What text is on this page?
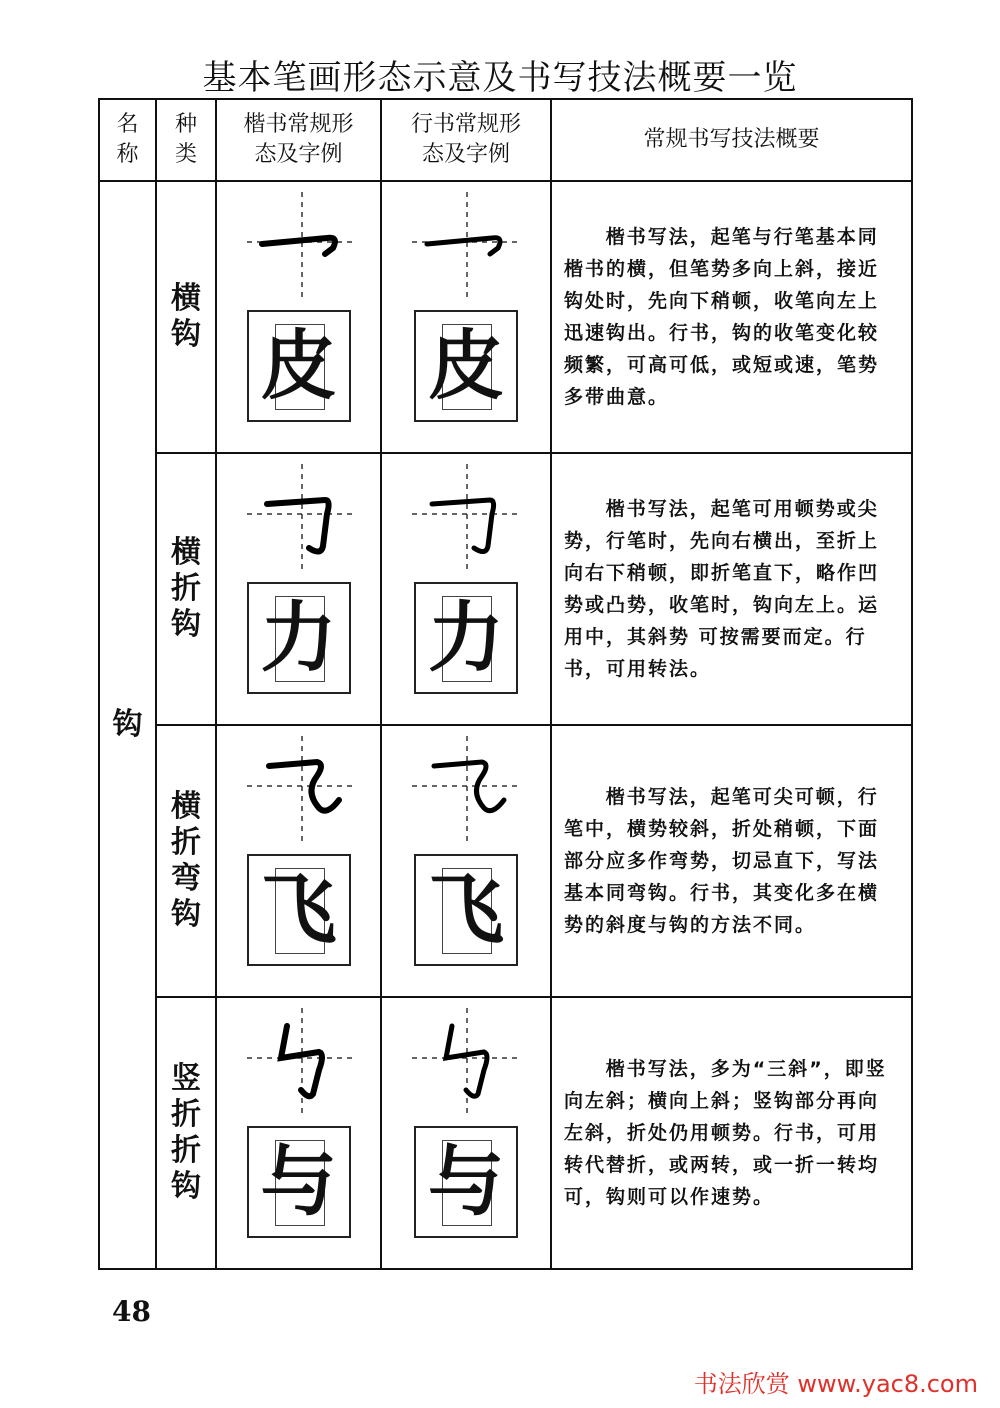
基本笔画形态示意及书写技法概要一览
名称	种类	楷书常规形态及字例	行书常规形态及字例	常规书写技法概要

钩	横钩	皮	皮	楷书写法，起笔与行笔基本同楷书的横，但笔势多向上斜，接近钩处时，先向下稍顿，收笔向左上迅速钩出。行书，钩的收笔变化较频繁，可高可低，或短或速，笔势多带曲意。

	横折钩	力	力	楷书写法，起笔可用顿势或尖势，行笔时，先向右横出，至折上向右下稍顿，即折笔直下，略作凹势或凸势，收笔时，钩向左上。运用中，其斜势 可按需要而定。行书，可用转法。

	横折弯钩	飞	飞	楷书写法，起笔可尖可顿，行笔中，横势较斜，折处稍顿，下面部分应多作弯势，切忌直下，写法基本同弯钩。行书，其变化多在横势的斜度与钩的方法不同。

	竖折折钩	与	与	楷书写法，多为“三斜”，即竖向左斜；横向上斜；竖钩部分再向左斜，折处仍用顿势。行书，可用转代替折，或两转，或一折一转均可，钩则可以作速势。

48
书法欣赏 www.yac8.com
